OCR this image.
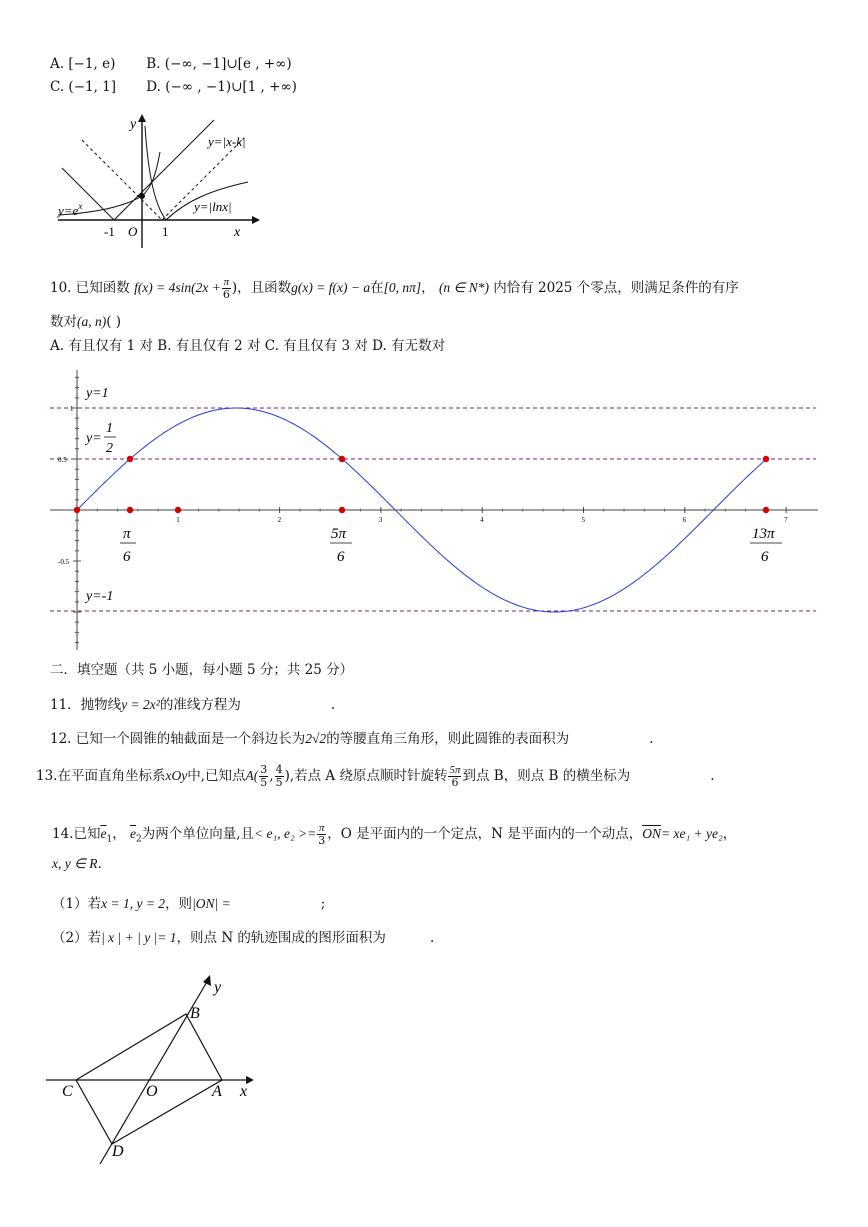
A. [−1, e) B. (−∞, −1]∪[e , +∞)
C. (−1, 1] D. (−∞ , −1)∪[1 , +∞)
y
x
O
-1	1
y=|x-k|
$y=e^x$	y=|lnx|
10. 已知函数 $f(x) = 4\sin(2x + \frac{\pi}{6}$ )，且函数g(x) = f(x) − a在[0, nπ]， (n ∈ N*) 内恰有 2025 个零点，则满足条件的有序
数对(a, n)( )
A. 有且仅有 1 对 B. 有且仅有 2 对 C. 有且仅有 3 对 D. 有无数对
1	2	3	4	5	6	7
y=1
y=
1
2
y=-1
0.5
-0.5
1
π
6
5π
6
13π
6
二．填空题（共 5 小题，每小题 5 分；共 25 分）
11．抛物线y = 2x²的准线方程为	.
12. 已知一个圆锥的轴截面是一个斜边长为2√2的等腰直角三角形，则此圆锥的表面积为	.
13.在平面直角坐标系xOy中,已知点$A( \frac{3}{5}$ , $\frac{4}{5}$ ),若点 A 绕原点顺时针旋转 $\frac{5\pi}{6}$ 到点 B，则点 B 的横坐标为	.
14.已知$\overline{e}_1$， $\overline{e}_2$为两个单位向量,且< e₁, $e_2 >= \frac{\pi}{3}$ ，O 是平面内的一个定点，N 是平面内的一个动点，$\overline{ON}= xe_1 + ye_2$，
x, y ∈ R.
（1）若x = 1, y = 2，则|ON| =	;
（2）若| x | + | y |= 1，则点 N 的轨迹围成的图形面积为	.
y
x
B
C	O	A
D
